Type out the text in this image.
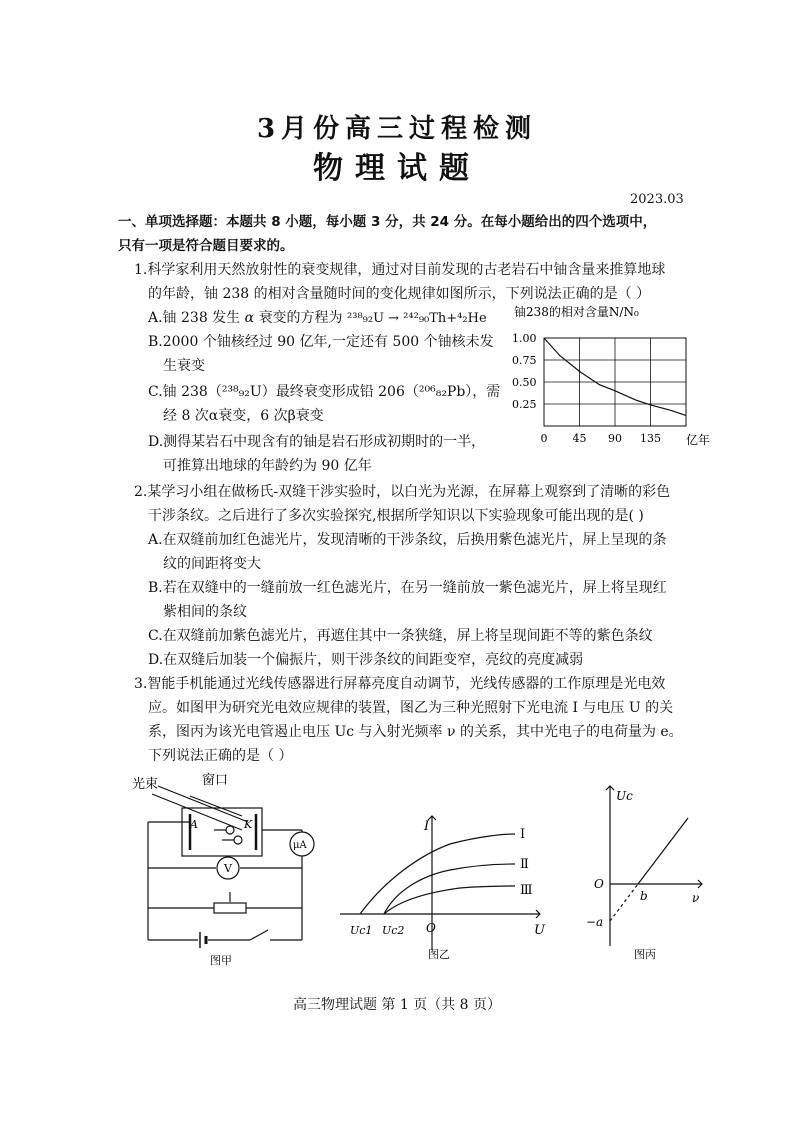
3月份高三过程检测
物理试题
2023.03
一、单项选择题：本题共 8 小题，每小题 3 分，共 24 分。在每小题给出的四个选项中，
只有一项是符合题目要求的。
1.科学家利用天然放射性的衰变规律，通过对目前发现的古老岩石中铀含量来推算地球
的年龄，铀 238 的相对含量随时间的变化规律如图所示，下列说法正确的是（ ）
A.铀 238 发生 α 衰变的方程为 ²³⁸₉₂U → ²⁴²₉₀Th+⁴₂He
B.2000 个铀核经过 90 亿年,一定还有 500 个铀核未发
生衰变
C.铀 238（²³⁸₉₂U）最终衰变形成铅 206（²⁰⁶₈₂Pb），需
经 8 次α衰变，6 次β衰变
D.测得某岩石中现含有的铀是岩石形成初期时的一半，
可推算出地球的年龄约为 90 亿年
铀238的相对含量N/N₀
0.25
0.50
0.75
1.00
0 45 90 135 亿年
2.某学习小组在做杨氏-双缝干涉实验时，以白光为光源，在屏幕上观察到了清晰的彩色
干涉条纹。之后进行了多次实验探究,根据所学知识以下实验现象可能出现的是( )
A.在双缝前加红色滤光片，发现清晰的干涉条纹，后换用紫色滤光片，屏上呈现的条
纹的间距将变大
B.若在双缝中的一缝前放一红色滤光片，在另一缝前放一紫色滤光片，屏上将呈现红
紫相间的条纹
C.在双缝前加紫色滤光片，再遮住其中一条狭缝，屏上将呈现间距不等的紫色条纹
D.在双缝后加装一个偏振片，则干涉条纹的间距变窄，亮纹的亮度减弱
3.智能手机能通过光线传感器进行屏幕亮度自动调节，光线传感器的工作原理是光电效
应。如图甲为研究光电效应规律的装置，图乙为三种光照射下光电流 I 与电压 U 的关
系，图丙为该光电管遏止电压 Uc 与入射光频率 ν 的关系，其中光电子的电荷量为 e。
下列说法正确的是（ ）
光束	窗口
A	K
μA
V
图甲
I
U
O
Uc1 Uc2
Ⅰ
Ⅱ
Ⅲ
图乙
Uc
ν
O
b
−a
图丙
高三物理试题 第 1 页（共 8 页）
